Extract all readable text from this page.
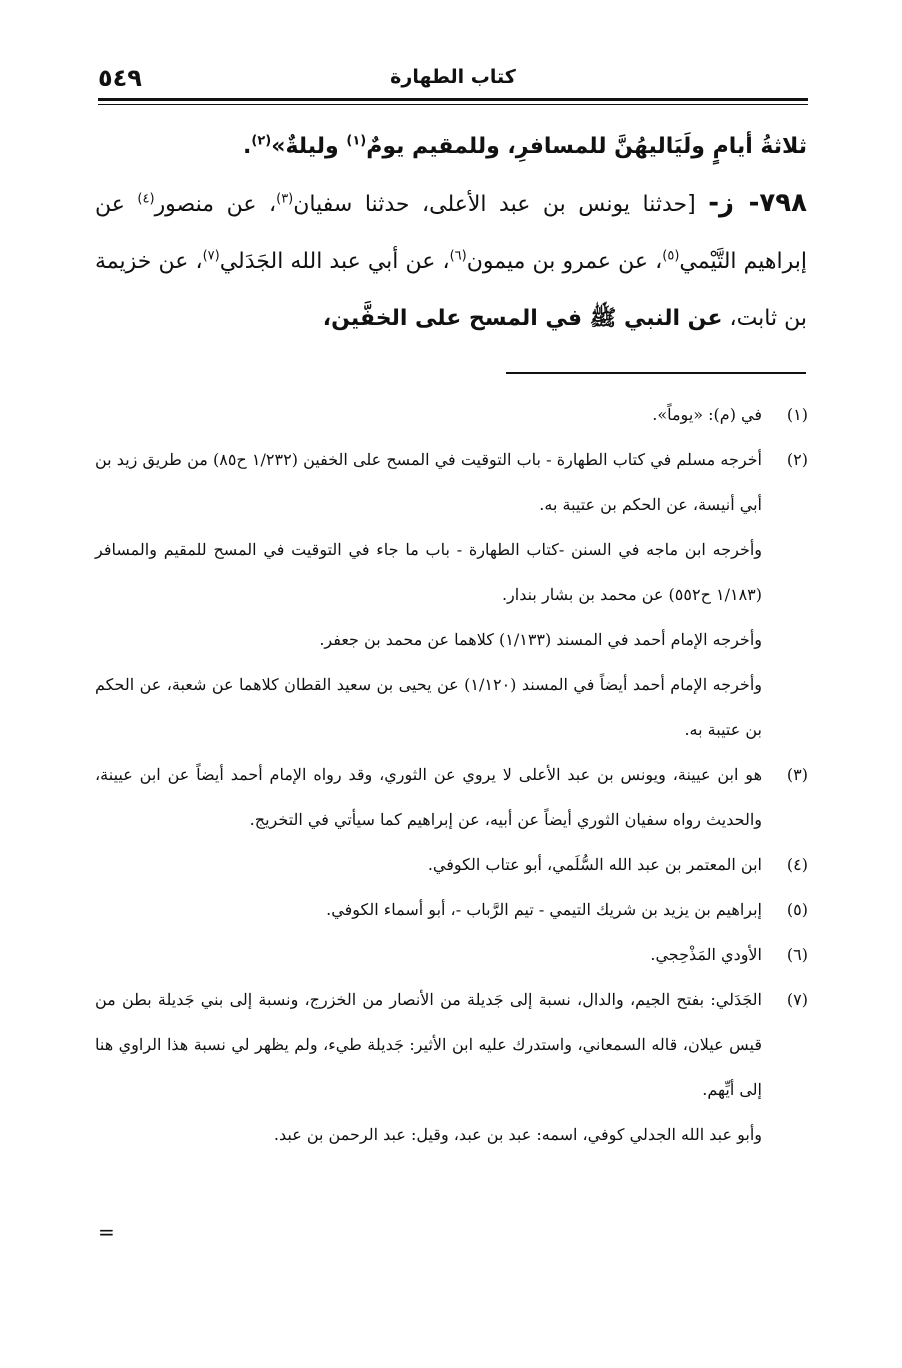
٥٤٩	كتاب الطهارة

ثلاثةُ أيامٍ ولَيَاليهُنَّ للمسافرِ، وللمقيم يومٌ$^{(١)}$ وليلةٌ»$^{(٢)}$.

٧٩٨- ز- [حدثنا يونس بن عبد الأعلى، حدثنا سفيان$^{(٣)}$، عن منصور$^{(٤)}$ عن إبراهيم التَّيْمي$^{(٥)}$، عن عمرو بن ميمون$^{(٦)}$، عن أبي عبد الله الجَدَلي$^{(٧)}$، عن خزيمة بن ثابت، عن النبي ﷺ في المسح على الخفَّين،

(١)
في (م): «يوماً».

(٢)
أخرجه مسلم في كتاب الطهارة - باب التوقيت في المسح على الخفين (١/٢٣٢ ح٨٥) من طريق زيد بن أبي أنيسة، عن الحكم بن عتيبة به.

وأخرجه ابن ماجه في السنن -كتاب الطهارة - باب ما جاء في التوقيت في المسح للمقيم والمسافر (١/١٨٣ ح٥٥٢) عن محمد بن بشار بندار.

وأخرجه الإمام أحمد في المسند (١/١٣٣) كلاهما عن محمد بن جعفر.

وأخرجه الإمام أحمد أيضاً في المسند (١/١٢٠) عن يحيى بن سعيد القطان كلاهما عن شعبة، عن الحكم بن عتيبة به.

(٣)
هو ابن عيينة، ويونس بن عبد الأعلى لا يروي عن الثوري، وقد رواه الإمام أحمد أيضاً عن ابن عيينة، والحديث رواه سفيان الثوري أيضاً عن أبيه، عن إبراهيم كما سيأتي في التخريج.

(٤)
ابن المعتمر بن عبد الله السُّلَمي، أبو عتاب الكوفي.

(٥)
إبراهيم بن يزيد بن شريك التيمي - تيم الرَّباب -، أبو أسماء الكوفي.

(٦)
الأودي المَذْحِجي.

(٧)
الجَدَلي: بفتح الجيم، والدال، نسبة إلى جَديلة من الأنصار من الخزرج، ونسبة إلى بني جَديلة بطن من قيس عيلان، قاله السمعاني، واستدرك عليه ابن الأثير: جَديلة طيء، ولم يظهر لي نسبة هذا الراوي هنا إلى أيِّهم.

وأبو عبد الله الجدلي كوفي، اسمه: عبد بن عبد، وقيل: عبد الرحمن بن عبد.

=
